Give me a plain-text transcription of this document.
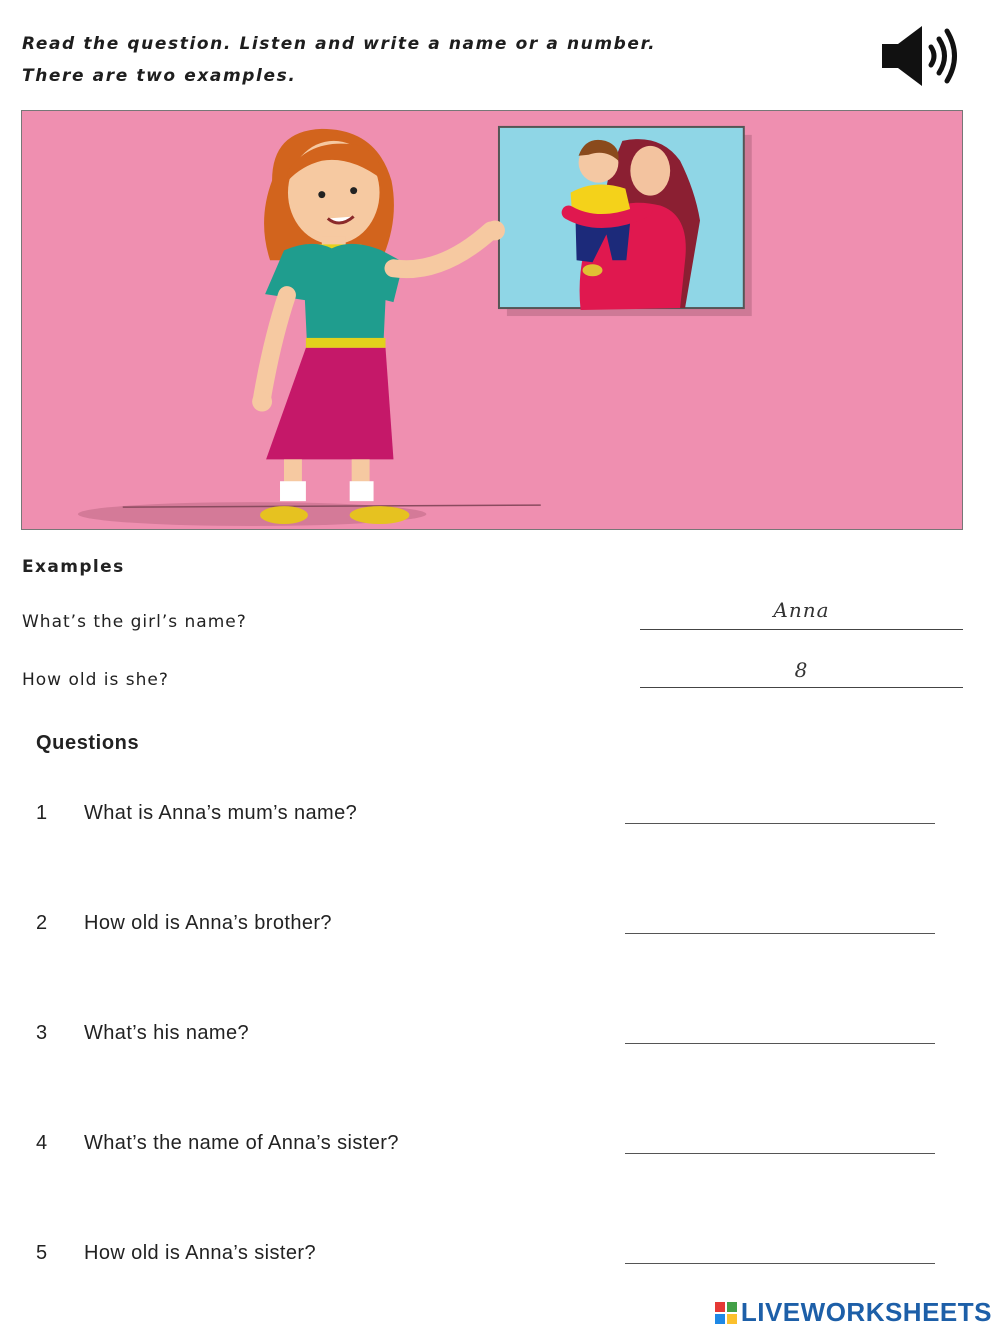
Read the question. Listen and write a name or a number.
There are two examples.
Examples
What’s the girl’s name?	Anna
How old is she?	8
Questions
1 What is Anna’s mum’s name?
2 How old is Anna’s brother?
3 What’s his name?
4 What’s the name of Anna’s sister?
5 How old is Anna’s sister?
LIVEWORKSHEETS
